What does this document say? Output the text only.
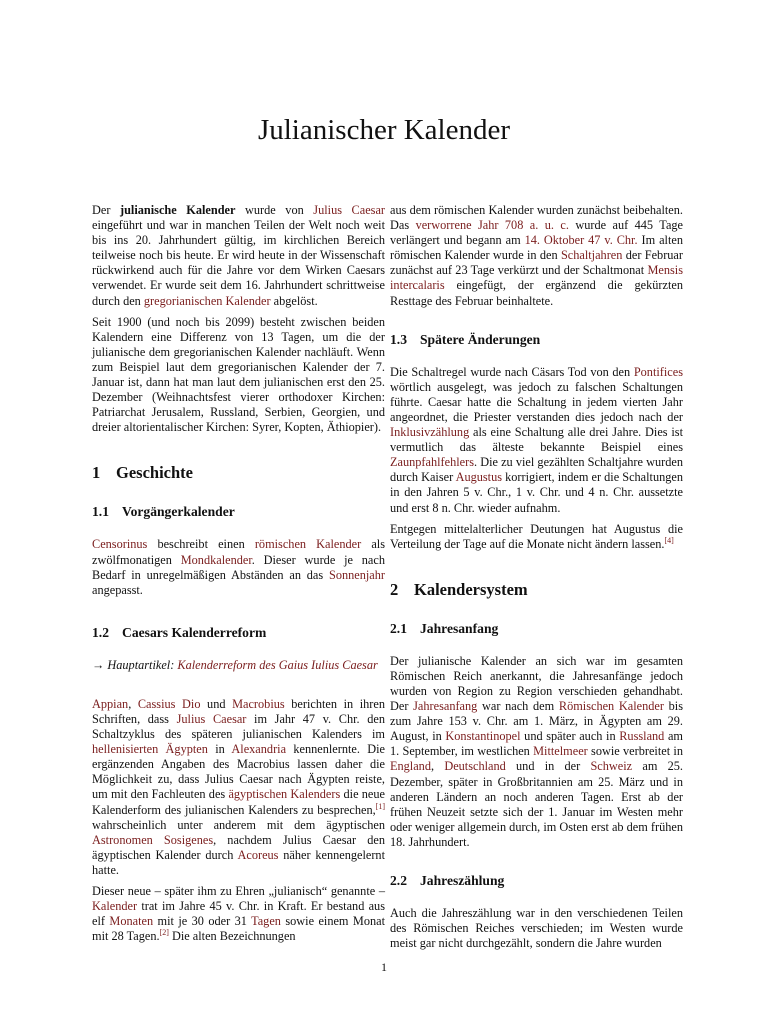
Julianischer Kalender

Der julianische Kalender wurde von Julius Caesar eingeführt und war in manchen Teilen der Welt noch weit bis ins 20. Jahrhundert gültig, im kirchlichen Bereich teilweise noch bis heute. Er wird heute in der Wissenschaft rückwirkend auch für die Jahre vor dem Wirken Caesars verwendet. Er wurde seit dem 16. Jahrhundert schrittweise durch den gregorianischen Kalender abgelöst.

Seit 1900 (und noch bis 2099) besteht zwischen beiden Kalendern eine Differenz von 13 Tagen, um die der julianische dem gregorianischen Kalender nachläuft. Wenn zum Beispiel laut dem gregorianischen Kalender der 7. Januar ist, dann hat man laut dem julianischen erst den 25. Dezember (Weihnachtsfest vierer orthodoxer Kirchen: Patriarchat Jerusalem, Russland, Serbien, Georgien, und dreier altorientalischer Kirchen: Syrer, Kopten, Äthiopier).

1 Geschichte
1.1 Vorgängerkalender

Censorinus beschreibt einen römischen Kalender als zwölfmonatigen Mondkalender. Dieser wurde je nach Bedarf in unregelmäßigen Abständen an das Sonnenjahr angepasst.

1.2 Caesars Kalenderreform

→ Hauptartikel: Kalenderreform des Gaius Iulius Caesar

Appian, Cassius Dio und Macrobius berichten in ihren Schriften, dass Julius Caesar im Jahr 47 v. Chr. den Schaltzyklus des späteren julianischen Kalenders im hellenisierten Ägypten in Alexandria kennenlernte. Die ergänzenden Angaben des Macrobius lassen daher die Möglichkeit zu, dass Julius Caesar nach Ägypten reiste, um mit den Fachleuten des ägyptischen Kalenders die neue Kalenderform des julianischen Kalenders zu besprechen,[1] wahrscheinlich unter anderem mit dem ägyptischen Astronomen Sosigenes, nachdem Julius Caesar den ägyptischen Kalender durch Acoreus näher kennengelernt hatte.

Dieser neue – später ihm zu Ehren „julianisch“ genannte – Kalender trat im Jahre 45 v. Chr. in Kraft. Er bestand aus elf Monaten mit je 30 oder 31 Tagen sowie einem Monat mit 28 Tagen.[2] Die alten Bezeichnungen

aus dem römischen Kalender wurden zunächst beibehalten. Das verworrene Jahr 708 a. u. c. wurde auf 445 Tage verlängert und begann am 14. Oktober 47 v. Chr. Im alten römischen Kalender wurde in den Schaltjahren der Februar zunächst auf 23 Tage verkürzt und der Schaltmonat Mensis intercalaris eingefügt, der ergänzend die gekürzten Resttage des Februar beinhaltete.

1.3 Spätere Änderungen

Die Schaltregel wurde nach Cäsars Tod von den Pontifices wörtlich ausgelegt, was jedoch zu falschen Schaltungen führte. Caesar hatte die Schaltung in jedem vierten Jahr angeordnet, die Priester verstanden dies jedoch nach der Inklusivzählung als eine Schaltung alle drei Jahre. Dies ist vermutlich das älteste bekannte Beispiel eines Zaunpfahlfehlers. Die zu viel gezählten Schaltjahre wurden durch Kaiser Augustus korrigiert, indem er die Schaltungen in den Jahren 5 v. Chr., 1 v. Chr. und 4 n. Chr. aussetzte und erst 8 n. Chr. wieder aufnahm.

Entgegen mittelalterlicher Deutungen hat Augustus die Verteilung der Tage auf die Monate nicht ändern lassen.[4]

2 Kalendersystem
2.1 Jahresanfang

Der julianische Kalender an sich war im gesamten Römischen Reich anerkannt, die Jahresanfänge jedoch wurden von Region zu Region verschieden gehandhabt. Der Jahresanfang war nach dem Römischen Kalender bis zum Jahre 153 v. Chr. am 1. März, in Ägypten am 29. August, in Konstantinopel und später auch in Russland am 1. September, im westlichen Mittelmeer sowie verbreitet in England, Deutschland und in der Schweiz am 25. Dezember, später in Großbritannien am 25. März und in anderen Ländern an noch anderen Tagen. Erst ab der frühen Neuzeit setzte sich der 1. Januar im Westen mehr oder weniger allgemein durch, im Osten erst ab dem frühen 18. Jahrhundert.

2.2 Jahreszählung

Auch die Jahreszählung war in den verschiedenen Teilen des Römischen Reiches verschieden; im Westen wurde meist gar nicht durchgezählt, sondern die Jahre wurden

1
